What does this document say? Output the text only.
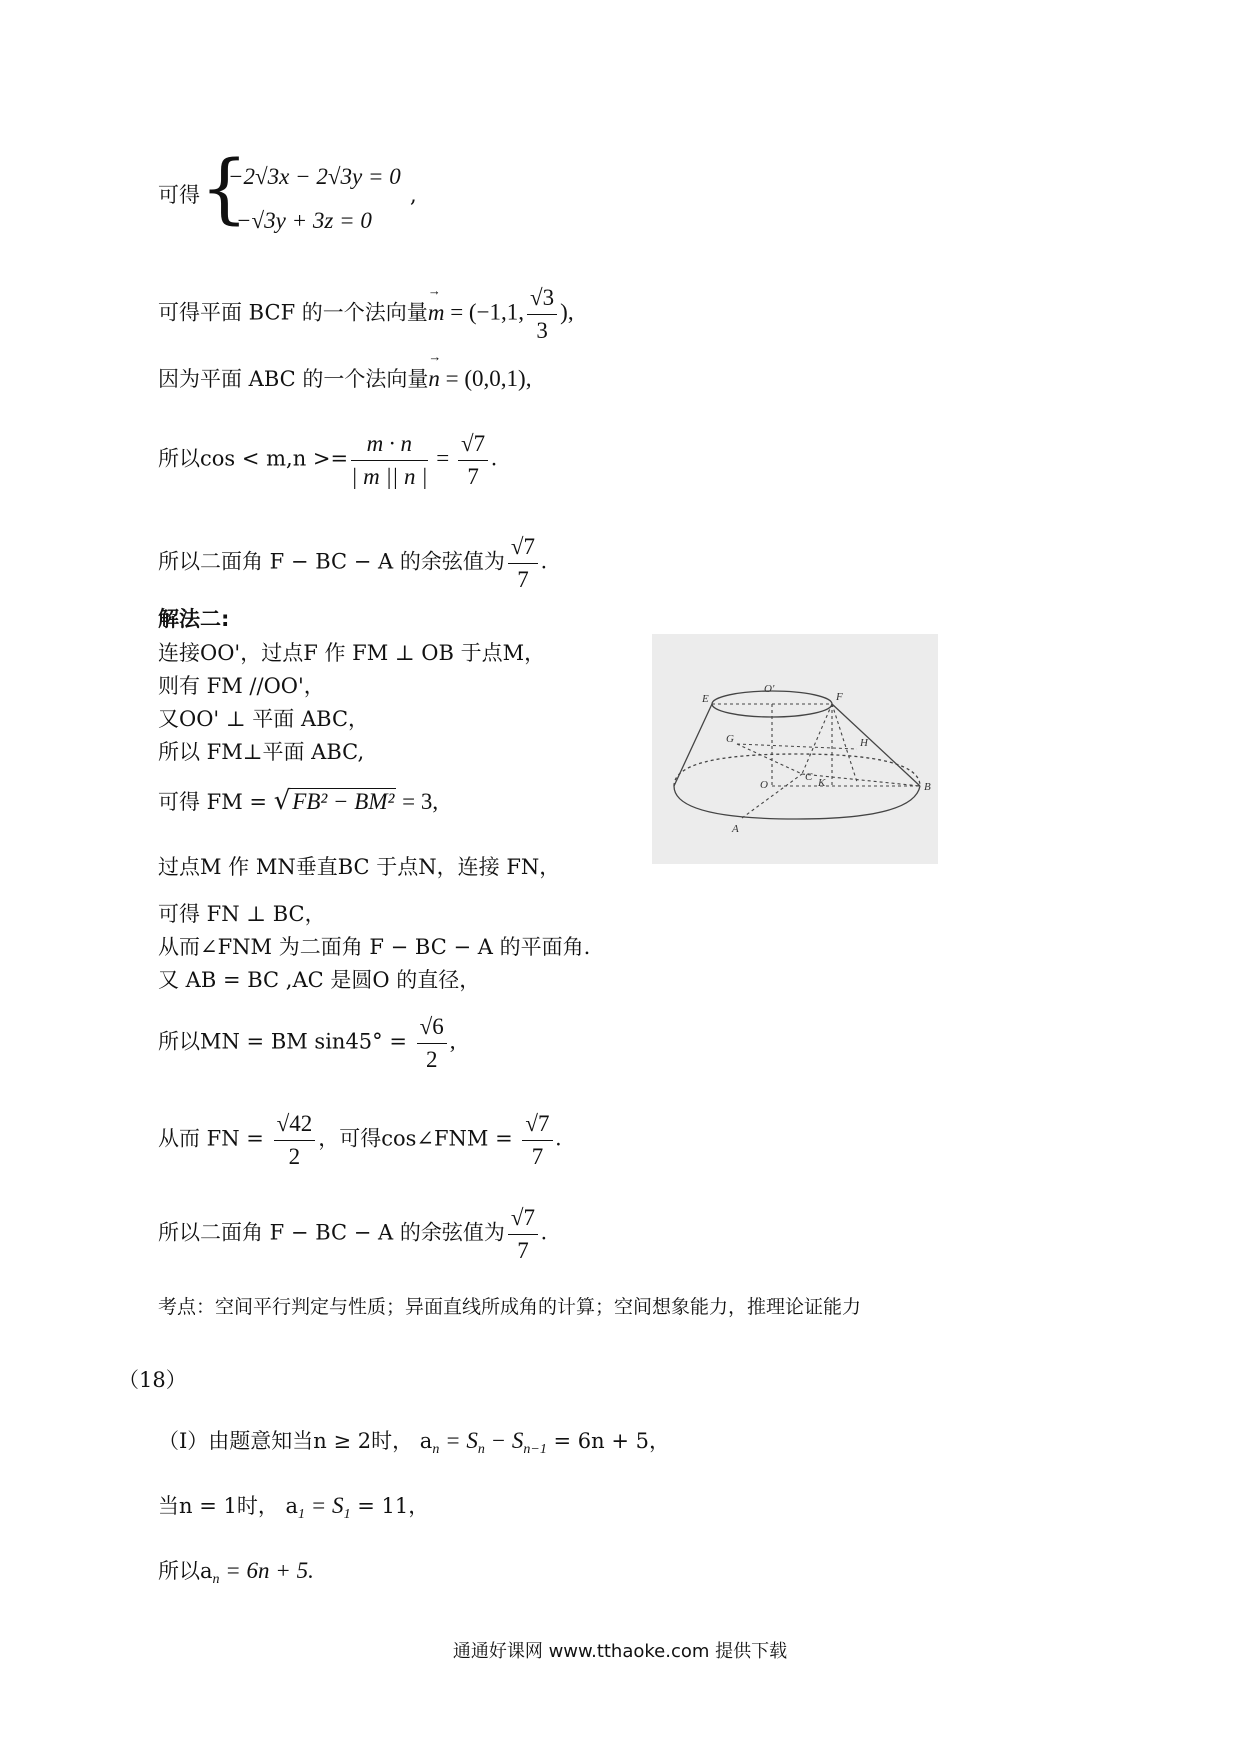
可得 {
−2√3x − 2√3y = 0
−√3y + 3z = 0
,
可得平面 BCF 的一个法向量→ m = (−1,1, $\frac{√3}{3}$ ),
因为平面 ABC 的一个法向量→ n = (0,0,1),
所以$\cos < m,n >= \frac{m \cdot n}{| m || n |} = \frac{√7}{7}$ .
所以二面角 F − BC − A 的余弦值为 $\frac{√7}{7}$ .
解法二:
连接OO'，过点F 作 FM ⊥ OB 于点M，
则有 FM //OO'，
又OO' ⊥ 平面 ABC，
所以 FM⊥平面 ABC,
可得 FM = √FB² − BM² = 3,
过点M 作 MN垂直BC 于点N，连接 FN，
可得 FN ⊥ BC，
从而∠FNM 为二面角 F − BC − A 的平面角.
又 AB = BC ,AC 是圆O 的直径，
所以MN = BM $\sin 45^\circ = \frac{√6}{2}$ ,
从而 FN = $\frac{√42}{2}$ ，可得cos∠FNM = $\frac{√7}{7}$ .
所以二面角 F − BC − A 的余弦值为 $\frac{√7}{7}$ .
考点：空间平行判定与性质；异面直线所成角的计算；空间想象能力，推理论证能力
（18）
（Ⅰ）由题意知当n ≥ 2时， $a_n = S_n - S_{n-1} = 6n + 5$，
当n = 1时， $a_1 = S_1 = 11$，
所以$a_n = 6n + 5$.
E
O'
F
G	H
O
C K	B
A
通通好课网 www.tthaoke.com 提供下载
